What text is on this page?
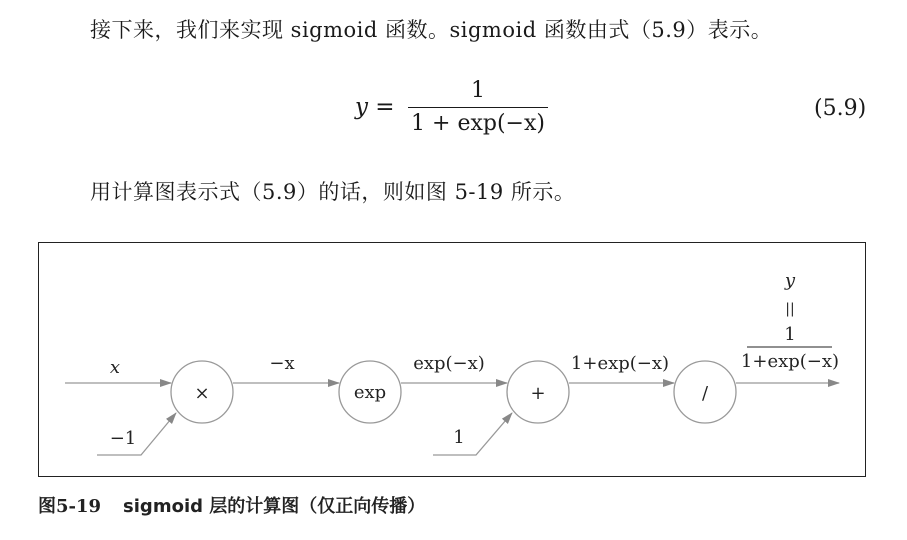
接下来，我们来实现 sigmoid 函数。sigmoid 函数由式（5.9）表示。

y =
1
1 + exp(−x)
(5.9)

用计算图表示式（5.9）的话，则如图 5-19 所示。

×	exp	+	/
x
−1
−x	exp(−x)
1
1+exp(−x)
y
||
1
1+exp(−x)
图5-19 sigmoid 层的计算图（仅正向传播）
